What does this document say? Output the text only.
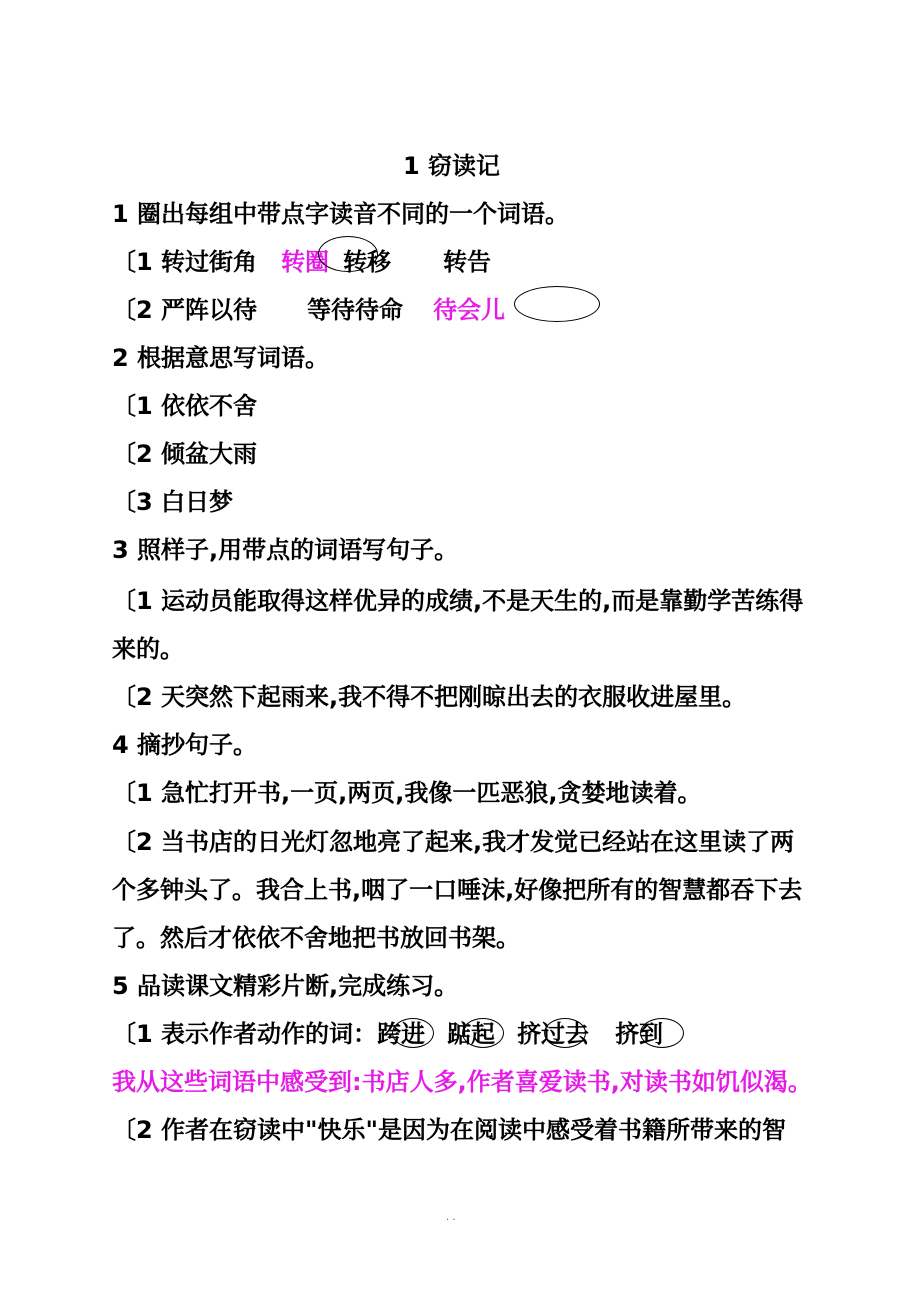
1 窃读记
1 圈出每组中带点字读音不同的一个词语。
〔1 转过街角 转圈 转移 转告
〔2 严阵以待 等待待命 待会儿
2 根据意思写词语。
〔1 依依不舍
〔2 倾盆大雨
〔3 白日梦
3 照样子,用带点的词语写句子。
〔1 运动员能取得这样优异的成绩,不是天生的,而是靠勤学苦练得
来的。
〔2 天突然下起雨来,我不得不把刚晾出去的衣服收进屋里。
4 摘抄句子。
〔1 急忙打开书,一页,两页,我像一匹恶狼,贪婪地读着。
〔2 当书店的日光灯忽地亮了起来,我才发觉已经站在这里读了两
个多钟头了。我合上书,咽了一口唾沫,好像把所有的智慧都吞下去
了。然后才依依不舍地把书放回书架。
5 品读课文精彩片断,完成练习。
〔1 表示作者动作的词：跨进 踮起 挤过去 挤到
我从这些词语中感受到:书店人多,作者喜爱读书,对读书如饥似渴。
〔2 作者在窃读中"快乐"是因为在阅读中感受着书籍所带来的智
. .
